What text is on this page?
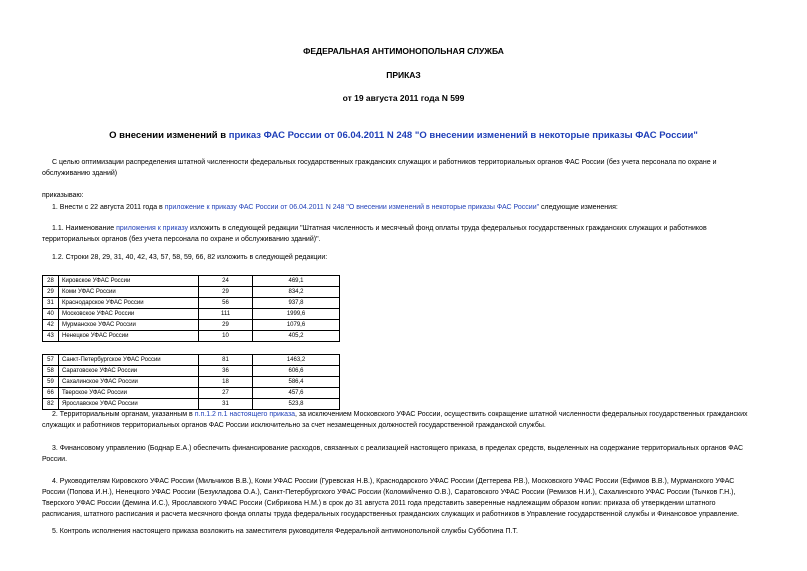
ФЕДЕРАЛЬНАЯ АНТИМОНОПОЛЬНАЯ СЛУЖБА
ПРИКАЗ
от 19 августа 2011 года N 599
О внесении изменений в приказ ФАС России от 06.04.2011 N 248 "О внесении изменений в некоторые приказы ФАС России"
С целью оптимизации распределения штатной численности федеральных государственных гражданских служащих и работников территориальных органов ФАС России (без учета персонала по охране и
обслуживанию зданий)
приказываю:
1. Внести с 22 августа 2011 года в приложение к приказу ФАС России от 06.04.2011 N 248 "О внесении изменений в некоторые приказы ФАС России" следующие изменения:
1.1. Наименование приложения к приказу изложить в следующей редакции "Штатная численность и месячный фонд оплаты труда федеральных государственных гражданских служащих и работников
территориальных органов (без учета персонала по охране и обслуживанию зданий)".
1.2. Строки 28, 29, 31, 40, 42, 43, 57, 58, 59, 66, 82 изложить в следующей редакции:
28	Кировское УФАС России	24	469,1
29	Коми УФАС России	29	834,2
31	Краснодарское УФАС России	56	937,8
40	Московское УФАС России	111	1999,6
42	Мурманское УФАС России	29	1079,6
43	Ненецкое УФАС России	10	405,2
57	Санкт-Петербургское УФАС России	81	1463,2
58	Саратовское УФАС России	36	606,6
59	Сахалинское УФАС России	18	586,4
66	Тверское УФАС России	27	457,6
82	Ярославское УФАС России	31	523,8
2. Территориальным органам, указанным в п.п.1.2 п.1 настоящего приказа, за исключением Московского УФАС России, осуществить сокращение штатной численности федеральных государственных гражданских
служащих и работников территориальных органов ФАС России исключительно за счет незамещенных должностей государственной гражданской службы.
3. Финансовому управлению (Боднар Е.А.) обеспечить финансирование расходов, связанных с реализацией настоящего приказа, в пределах средств, выделенных на содержание территориальных органов ФАС
России.
4. Руководителям Кировского УФАС России (Мильчиков В.В.), Коми УФАС России (Гуревская Н.В.), Краснодарского УФАС России (Дегтерева Р.В.), Московского УФАС России (Ефимов В.В.), Мурманского УФАС
России (Попова И.Н.), Ненецкого УФАС России (Безукладова О.А.), Санкт-Петербургского УФАС России (Коломийченко О.В.), Саратовского УФАС России (Ремизов Н.И.), Сахалинского УФАС России (Тычков Г.Н.),
Тверского УФАС России (Демина И.С.), Ярославского УФАС России (Сибрикова Н.М.) в срок до 31 августа 2011 года представить заверенные надлежащим образом копии: приказа об утверждении штатного
расписания, штатного расписания и расчета месячного фонда оплаты труда федеральных государственных гражданских служащих и работников в Управление государственной службы и Финансовое управление.
5. Контроль исполнения настоящего приказа возложить на заместителя руководителя Федеральной антимонопольной службы Субботина П.Т.
